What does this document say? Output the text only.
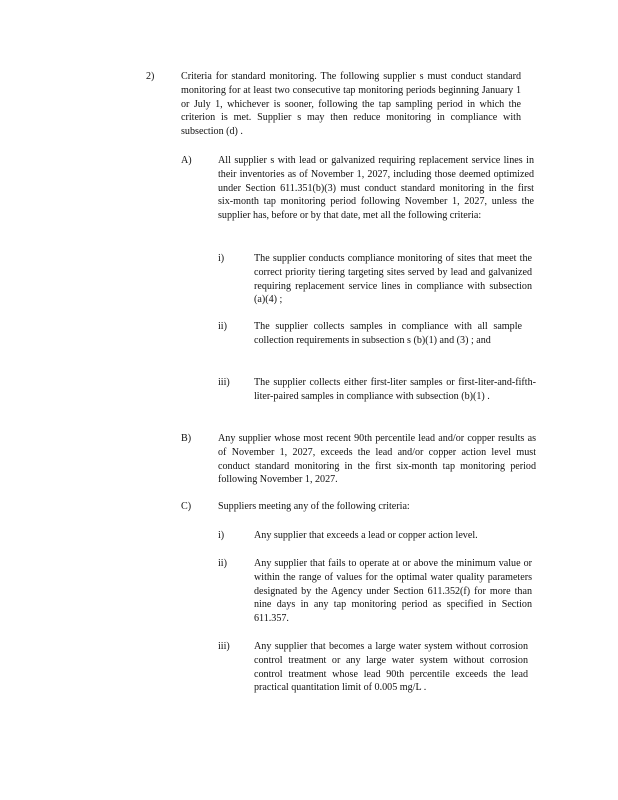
2)	Criteria for standard monitoring. The following supplier s must conduct standard monitoring for at least two consecutive tap monitoring periods beginning January 1 or July 1, whichever is sooner, following the tap sampling period in which the criterion is met. Supplier s may then reduce monitoring in compliance with subsection (d) .

A)	All supplier s with lead or galvanized requiring replacement service lines in their inventories as of November 1, 2027, including those deemed optimized under Section 611.351(b)(3) must conduct standard monitoring in the first six-month tap monitoring period following November 1, 2027, unless the supplier has, before or by that date, met all the following criteria:

i)	The supplier conducts compliance monitoring of sites that meet the correct priority tiering targeting sites served by lead and galvanized requiring replacement service lines in compliance with subsection (a)(4) ;

ii)	The supplier collects samples in compliance with all sample collection requirements in subsection s (b)(1) and (3) ; and

iii) The supplier collects either first-liter samples or first-liter-and-fifth-liter-paired samples in compliance with subsection (b)(1) .

B)	Any supplier whose most recent 90th percentile lead and/or copper results as of November 1, 2027, exceeds the lead and/or copper action level must conduct standard monitoring in the first six-month tap monitoring period following November 1, 2027.

C)	Suppliers meeting any of the following criteria:

i)	Any supplier that exceeds a lead or copper action level.

ii)	Any supplier that fails to operate at or above the minimum value or within the range of values for the optimal water quality parameters designated by the Agency under Section 611.352(f) for more than nine days in any tap monitoring period as specified in Section 611.357.

iii) Any supplier that becomes a large water system without corrosion control treatment or any large water system without corrosion control treatment whose lead 90th percentile exceeds the lead practical quantitation limit of 0.005 mg/L .
